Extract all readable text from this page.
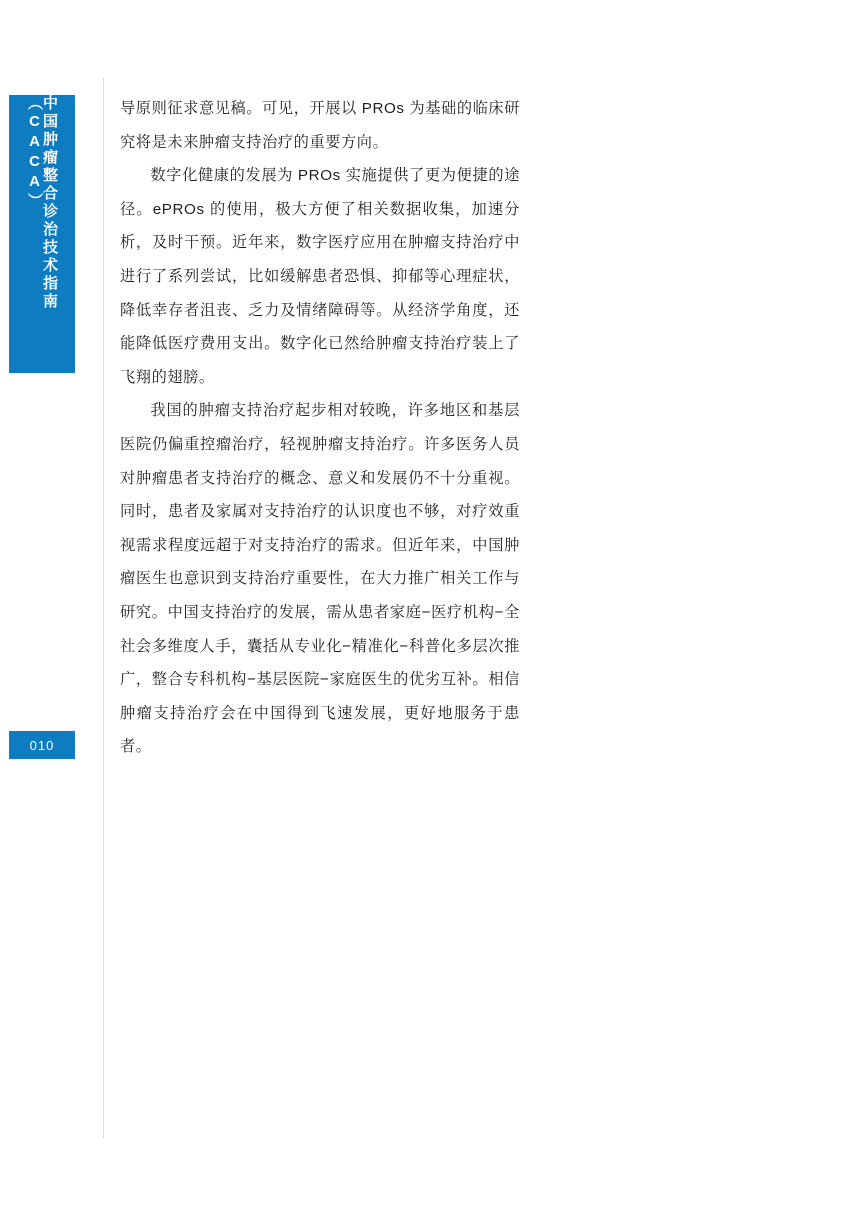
中国肿瘤整合诊治技术指南（CACA）
010

导原则征求意见稿。可见，开展以 PROs 为基础的临床研究将是未来肿瘤支持治疗的重要方向。

数字化健康的发展为 PROs 实施提供了更为便捷的途径。ePROs 的使用，极大方便了相关数据收集，加速分析，及时干预。近年来，数字医疗应用在肿瘤支持治疗中进行了系列尝试，比如缓解患者恐惧、抑郁等心理症状，降低幸存者沮丧、乏力及情绪障碍等。从经济学角度，还能降低医疗费用支出。数字化已然给肿瘤支持治疗装上了飞翔的翅膀。

我国的肿瘤支持治疗起步相对较晚，许多地区和基层医院仍偏重控瘤治疗，轻视肿瘤支持治疗。许多医务人员对肿瘤患者支持治疗的概念、意义和发展仍不十分重视。同时，患者及家属对支持治疗的认识度也不够，对疗效重视需求程度远超于对支持治疗的需求。但近年来，中国肿瘤医生也意识到支持治疗重要性，在大力推广相关工作与研究。中国支持治疗的发展，需从患者家庭−医疗机构−全社会多维度人手，囊括从专业化−精准化−科普化多层次推广，整合专科机构−基层医院−家庭医生的优劣互补。相信肿瘤支持治疗会在中国得到飞速发展，更好地服务于患者。
